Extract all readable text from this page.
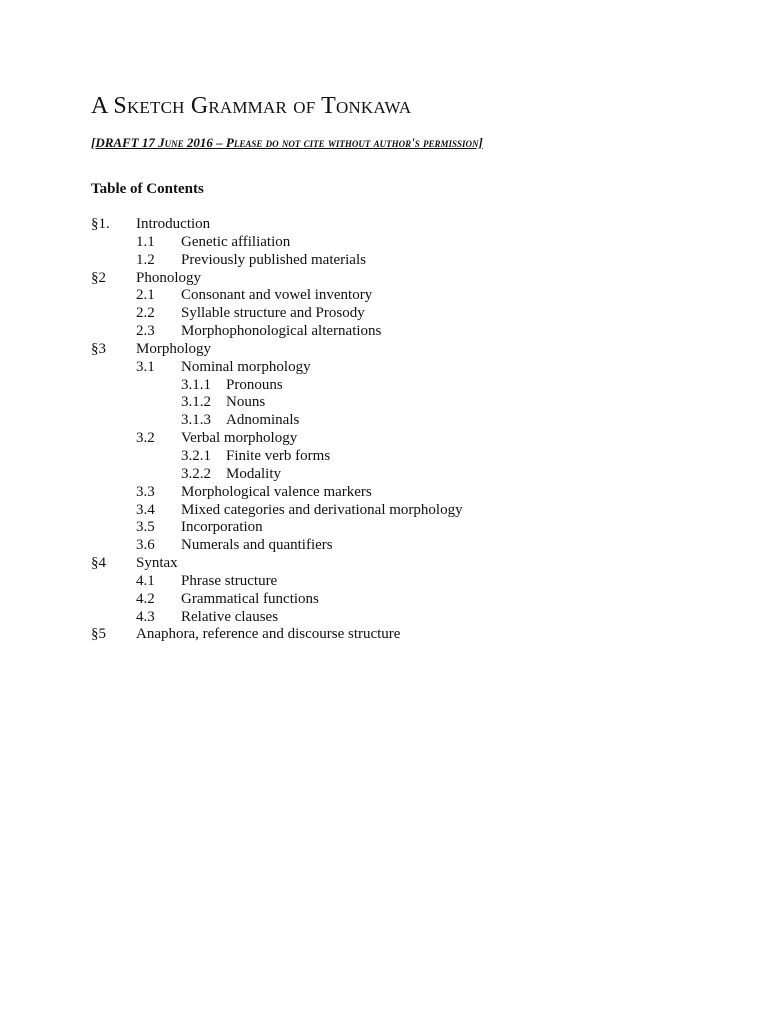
A Sketch Grammar of Tonkawa
[DRAFT 17 June 2016 – Please do not cite without author's permission]
Table of Contents
§1. Introduction
1.1 Genetic affiliation
1.2 Previously published materials
§2 Phonology
2.1 Consonant and vowel inventory
2.2 Syllable structure and Prosody
2.3 Morphophonological alternations
§3 Morphology
3.1 Nominal morphology
3.1.1 Pronouns
3.1.2 Nouns
3.1.3 Adnominals
3.2 Verbal morphology
3.2.1 Finite verb forms
3.2.2 Modality
3.3 Morphological valence markers
3.4 Mixed categories and derivational morphology
3.5 Incorporation
3.6 Numerals and quantifiers
§4 Syntax
4.1 Phrase structure
4.2 Grammatical functions
4.3 Relative clauses
§5 Anaphora, reference and discourse structure
